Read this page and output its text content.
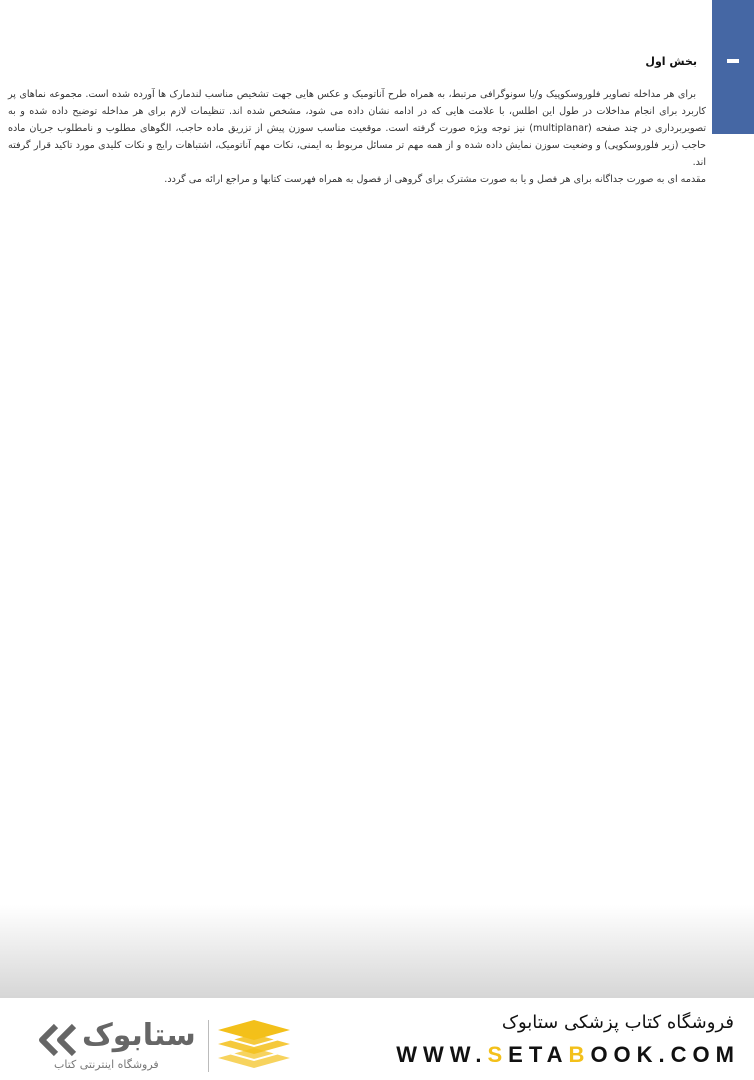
بخش اول

برای هر مداخله تصاویر فلوروسکوپیک و/یا سونوگرافی مرتبط، به همراه طرح آناتومیک و عکس هایی جهت تشخیص مناسب لندمارک ها آورده شده است. مجموعه نماهای پر کاربرد برای انجام مداخلات در طول این اطلس، با علامت هایی که در ادامه نشان داده می شود، مشخص شده اند. تنظیمات لازم برای هر مداخله توضیح داده شده و به تصویربرداری در چند صفحه (multiplanar) نیز توجه ویژه صورت گرفته است. موقعیت مناسب سوزن پیش از تزریق ماده حاجب، الگوهای مطلوب و نامطلوب جریان ماده حاجب (زیر فلوروسکوپی) و وضعیت سوزن نمایش داده شده و از همه مهم تر مسائل مربوط به ایمنی، نکات مهم آناتومیک، اشتباهات رایج و نکات کلیدی مورد تاکید قرار گرفته اند.

مقدمه ای به صورت جداگانه برای هر فصل و یا به صورت مشترک برای گروهی از فصول به همراه فهرست کتابها و مراجع ارائه می گردد.

فروشگاه کتاب پزشکی ستابوک
WWW.SETABOOK.COM
ستابوک
فروشگاه اینترنتی کتاب
